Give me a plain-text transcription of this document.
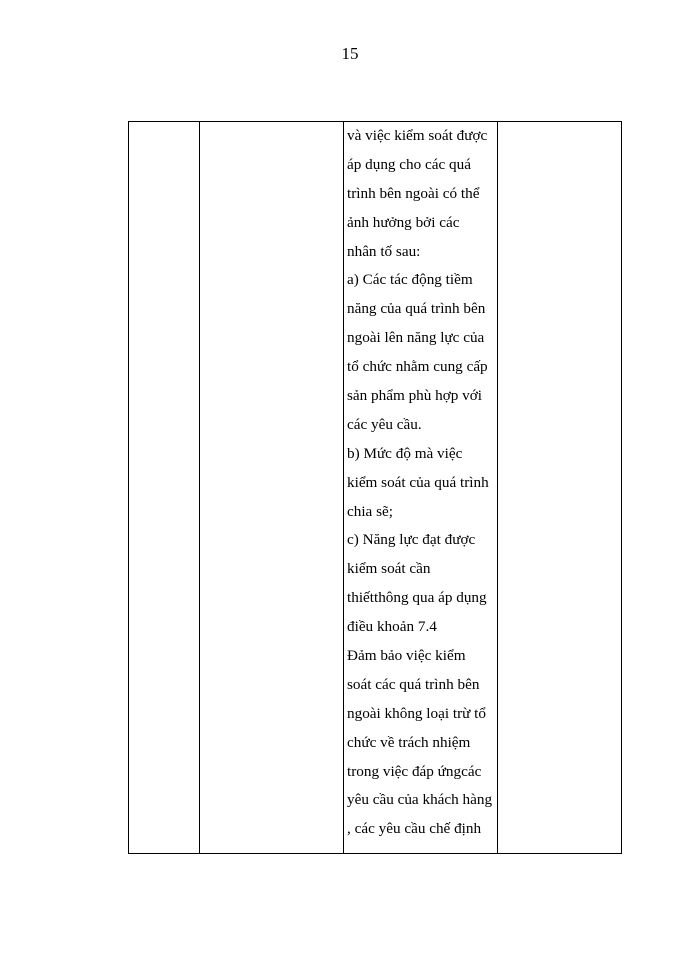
15

và việc kiểm soát được
áp dụng cho các quá
trình bên ngoài có thể
ảnh hưởng bởi các
nhân tố sau:
a) Các tác động tiềm
năng của quá trình bên
ngoài lên năng lực của
tổ chức nhằm cung cấp
sản phẩm phù hợp với
các yêu cầu.
b) Mức độ mà việc
kiểm soát của quá trình
chia sẽ;
c) Năng lực đạt được
kiểm soát cần
thiếtthông qua áp dụng
điều khoản 7.4
Đảm bảo việc kiểm
soát các quá trình bên
ngoài không loại trừ tổ
chức về trách nhiệm
trong việc đáp ứngcác
yêu cầu của khách hàng
, các yêu cầu chế định
